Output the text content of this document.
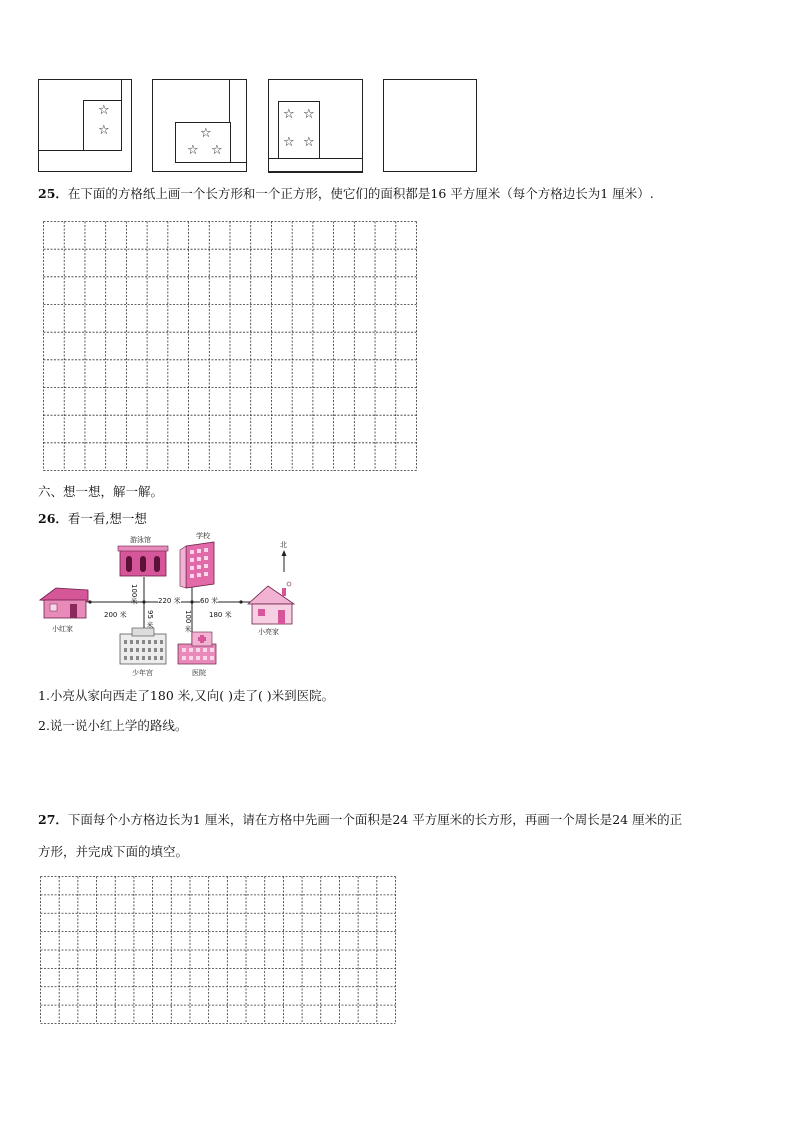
☆
☆	☆
☆ ☆
☆ ☆
☆ ☆
25．在下面的方格纸上画一个长方形和一个正方形，使它们的面积都是16 平方厘米（每个方格边长为1 厘米）.
六、想一想，解一解。
26．看一看,想一想
游泳馆	学校
北
小红家	小亮家
少年宫	医院
200 米
220 米	60 米
180 米
100米
95 米	100 米
1.小亮从家向西走了180 米,又向( )走了( )米到医院。
2.说一说小红上学的路线。
27．下面每个小方格边长为1 厘米，请在方格中先画一个面积是24 平方厘米的长方形，再画一个周长是24 厘米的正
方形，并完成下面的填空。
